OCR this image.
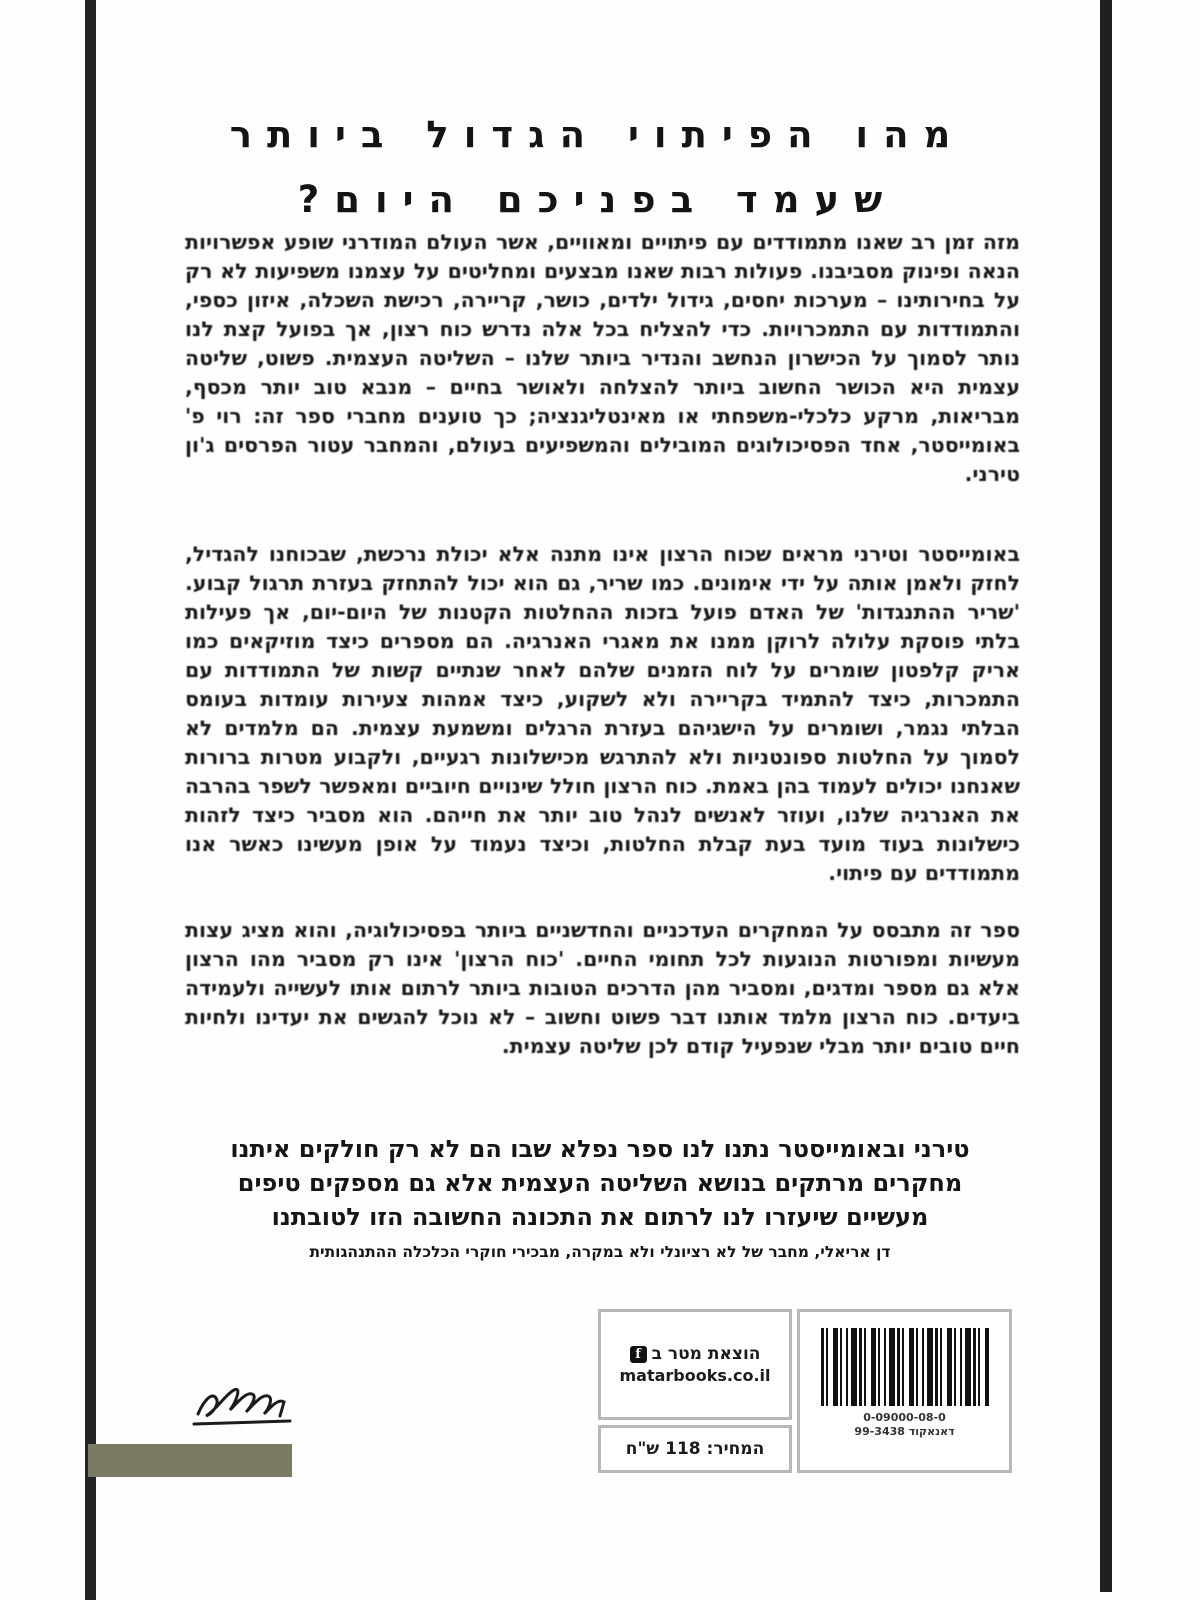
מהו הפיתוי הגדול ביותר
שעמד בפניכם היום?
מזה זמן רב שאנו מתמודדים עם פיתויים ומאוויים, אשר העולם המודרני שופע אפשרויות הנאה ופינוק מסביבנו. פעולות רבות שאנו מבצעים ומחליטים על עצמנו משפיעות לא רק על בחירותינו – מערכות יחסים, גידול ילדים, כושר, קריירה, רכישת השכלה, איזון כספי, והתמודדות עם התמכרויות. כדי להצליח בכל אלה נדרש כוח רצון, אך בפועל קצת לנו נותר לסמוך על הכישרון הנחשב והנדיר ביותר שלנו – השליטה העצמית. פשוט, שליטה עצמית היא הכושר החשוב ביותר להצלחה ולאושר בחיים – מנבא טוב יותר מכסף, מבריאות, מרקע כלכלי-משפחתי או מאינטליגנציה; כך טוענים מחברי ספר זה: רוי פ' באומייסטר, אחד הפסיכולוגים המובילים והמשפיעים בעולם, והמחבר עטור הפרסים ג'ון טירני.
באומייסטר וטירני מראים שכוח הרצון אינו מתנה אלא יכולת נרכשת, שבכוחנו להגדיל, לחזק ולאמן אותה על ידי אימונים. כמו שריר, גם הוא יכול להתחזק בעזרת תרגול קבוע. 'שריר ההתנגדות' של האדם פועל בזכות ההחלטות הקטנות של היום-יום, אך פעילות בלתי פוסקת עלולה לרוקן ממנו את מאגרי האנרגיה. הם מספרים כיצד מוזיקאים כמו אריק קלפטון שומרים על לוח הזמנים שלהם לאחר שנתיים קשות של התמודדות עם התמכרות, כיצד להתמיד בקריירה ולא לשקוע, כיצד אמהות צעירות עומדות בעומס הבלתי נגמר, ושומרים על הישגיהם בעזרת הרגלים ומשמעת עצמית. הם מלמדים לא לסמוך על החלטות ספונטניות ולא להתרגש מכישלונות רגעיים, ולקבוע מטרות ברורות שאנחנו יכולים לעמוד בהן באמת. כוח הרצון חולל שינויים חיוביים ומאפשר לשפר בהרבה את האנרגיה שלנו, ועוזר לאנשים לנהל טוב יותר את חייהם. הוא מסביר כיצד לזהות כישלונות בעוד מועד בעת קבלת החלטות, וכיצד נעמוד על אופן מעשינו כאשר אנו מתמודדים עם פיתוי.
ספר זה מתבסס על המחקרים העדכניים והחדשניים ביותר בפסיכולוגיה, והוא מציג עצות מעשיות ומפורטות הנוגעות לכל תחומי החיים. 'כוח הרצון' אינו רק מסביר מהו הרצון אלא גם מספר ומדגים, ומסביר מהן הדרכים הטובות ביותר לרתום אותו לעשייה ולעמידה ביעדים. כוח הרצון מלמד אותנו דבר פשוט וחשוב – לא נוכל להגשים את יעדינו ולחיות חיים טובים יותר מבלי שנפעיל קודם לכן שליטה עצמית.
טירני ובאומייסטר נתנו לנו ספר נפלא שבו הם לא רק חולקים איתנו
מחקרים מרתקים בנושא השליטה העצמית אלא גם מספקים טיפים
מעשיים שיעזרו לנו לרתום את התכונה החשובה הזו לטובתנו
דן אריאלי, מחבר של לא רציונלי ולא במקרה, מבכירי חוקרי הכלכלה ההתנהגותית
הוצאת מטר ב
f
matarbooks.co.il
המחיר: 118 ש"ח
0-09000-08-0
דאנאקוד 99-3438
